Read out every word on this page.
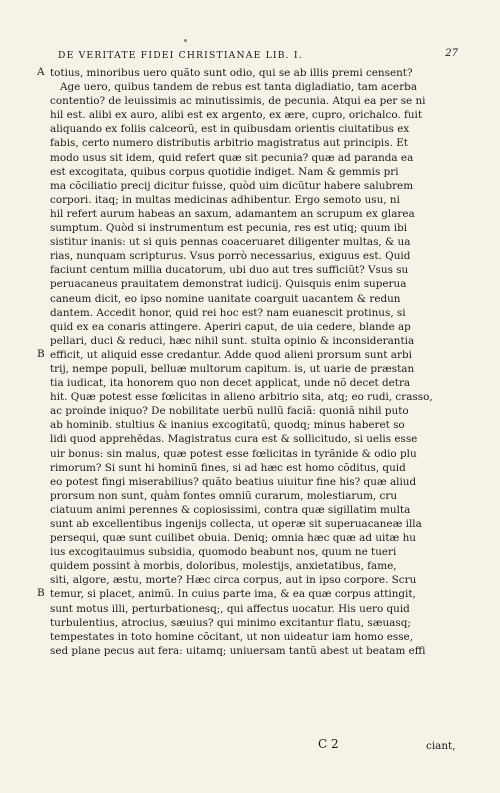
DE VERITATE FIDEI CHRISTIANAE LIB. I.	27
A
B
B
totius, minoribus uero quãto sunt odio, qui se ab illis premi censent?
Age uero, quibus tandem de rebus est tanta digladiatio, tam acerba
contentio? de leuissimis ac minutissimis, de pecunia. Atqui ea per se ni
hil est. alibi ex auro, alibi est ex argento, ex ære, cupro, orichalco. fuit
aliquando ex foliis calceorũ, est in quibusdam orientis ciuitatibus ex
fabis, certo numero distributis arbitrio magistratus aut principis. Et
modo usus sit idem, quid refert quæ sit pecunia? quæ ad paranda ea
est excogitata, quibus corpus quotidie indiget. Nam & gemmis pri
ma cõciliatio precij dicitur fuisse, quòd uim dicũtur habere salubrem
corpori. itaq; in multas medicinas adhibentur. Ergo semoto usu, ni
hil refert aurum habeas an saxum, adamantem an scrupum ex glarea
sumptum. Quòd si instrumentum est pecunia, res est utiq; quum ibi
sistitur inanis: ut si quis pennas coaceruaret diligenter multas, & ua
rias, nunquam scripturus. Vsus porrò necessarius, exiguus est. Quid
faciunt centum millia ducatorum, ubi duo aut tres sufficiũt? Vsus su
peruacaneus prauitatem demonstrat iudicij. Quisquis enim superua
caneum dicit, eo ipso nomine uanitate coarguit uacantem & redun
dantem. Accedit honor, quid rei hoc est? nam euanescit protinus, si
quid ex ea conaris attingere. Aperiri caput, de uia cedere, blande ap
pellari, duci & reduci, hæc nihil sunt. stulta opinio & inconsiderantia
efficit, ut aliquid esse credantur. Adde quod alieni prorsum sunt arbi
trij, nempe populi, belluæ multorum capitum. is, ut uarie de præstan
tia iudicat, ita honorem quo non decet applicat, unde nõ decet detra
hit. Quæ potest esse fœlicitas in alieno arbitrio sita, atq; eo rudi, crasso,
ac proinde iniquo? De nobilitate uerbũ nullũ faciã: quoniã nihil puto
ab hominib. stultius & inanius excogitatũ, quodq; minus haberet so
lidi quod apprehēdas. Magistratus cura est & sollicitudo, si uelis esse
uir bonus: sin malus, quæ potest esse fœlicitas in tyrãnide & odio plu
rimorum? Si sunt hi hominũ fines, si ad hæc est homo cõditus, quid
eo potest fingi miserabilius? quãto beatius uiuitur fine his? quæ aliud
prorsum non sunt, quàm fontes omniũ curarum, molestiarum, cru
ciatuum animi perennes & copiosissimi, contra quæ sigillatim multa
sunt ab excellentibus ingenijs collecta, ut operæ sit superuacaneæ illa
persequi, quæ sunt cuilibet obuia. Deniq; omnia hæc quæ ad uitæ hu
ius excogitauimus subsidia, quomodo beabunt nos, quum ne tueri
quidem possint à morbis, doloribus, molestijs, anxietatibus, fame,
siti, algore, æstu, morte? Hæc circa corpus, aut in ipso corpore. Scru
temur, si placet, animũ. In cuius parte ima, & ea quæ corpus attingit,
sunt motus illi, perturbationesq;, qui affectus uocatur. His uero quid
turbulentius, atrocius, sæuius? qui minimo excitantur flatu, sæuasq;
tempestates in toto homine cõcitant, ut non uideatur iam homo esse,
sed plane pecus aut fera: uitamq; uniuersam tantũ abest ut beatam effi
C 2	ciant,
